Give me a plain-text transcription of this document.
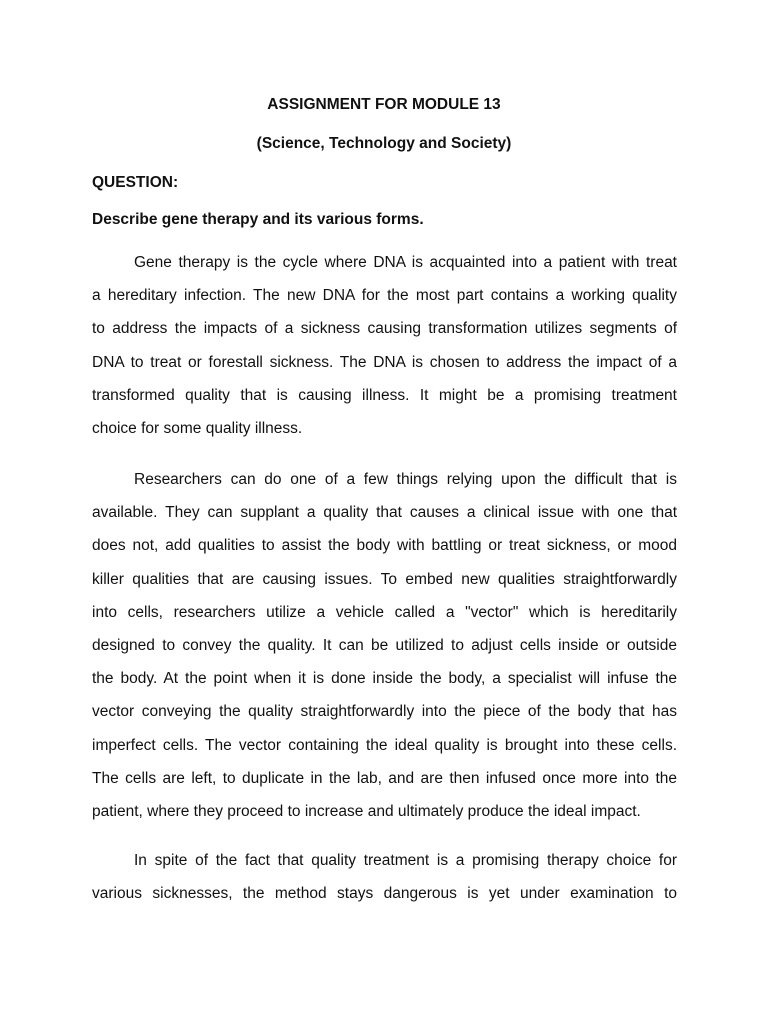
ASSIGNMENT FOR MODULE 13
(Science, Technology and Society)
QUESTION:
Describe gene therapy and its various forms.
Gene therapy is the cycle where DNA is acquainted into a patient with treat
a hereditary infection. The new DNA for the most part contains a working quality
to address the impacts of a sickness causing transformation utilizes segments of
DNA to treat or forestall sickness. The DNA is chosen to address the impact of a
transformed quality that is causing illness. It might be a promising treatment
choice for some quality illness.
Researchers can do one of a few things relying upon the difficult that is
available. They can supplant a quality that causes a clinical issue with one that
does not, add qualities to assist the body with battling or treat sickness, or mood
killer qualities that are causing issues. To embed new qualities straightforwardly
into cells, researchers utilize a vehicle called a "vector" which is hereditarily
designed to convey the quality. It can be utilized to adjust cells inside or outside
the body. At the point when it is done inside the body, a specialist will infuse the
vector conveying the quality straightforwardly into the piece of the body that has
imperfect cells. The vector containing the ideal quality is brought into these cells.
The cells are left, to duplicate in the lab, and are then infused once more into the
patient, where they proceed to increase and ultimately produce the ideal impact.
In spite of the fact that quality treatment is a promising therapy choice for
various sicknesses, the method stays dangerous is yet under examination to
